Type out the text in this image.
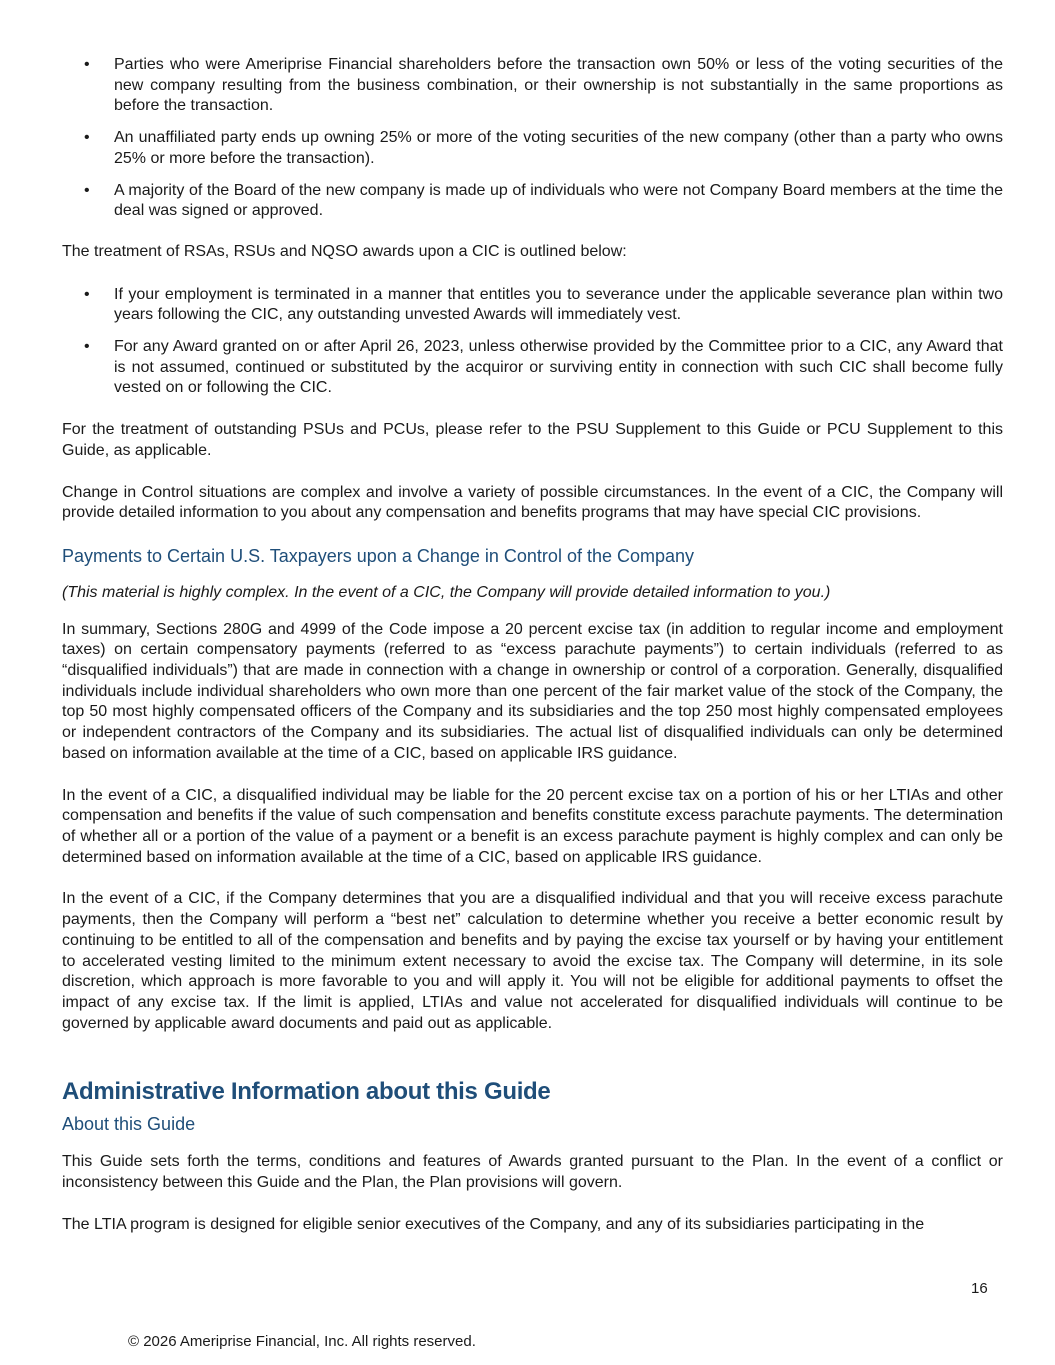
• Parties who were Ameriprise Financial shareholders before the transaction own 50% or less of the voting securities of the new company resulting from the business combination, or their ownership is not substantially in the same proportions as before the transaction.
• An unaffiliated party ends up owning 25% or more of the voting securities of the new company (other than a party who owns 25% or more before the transaction).
• A majority of the Board of the new company is made up of individuals who were not Company Board members at the time the deal was signed or approved.

The treatment of RSAs, RSUs and NQSO awards upon a CIC is outlined below:

• If your employment is terminated in a manner that entitles you to severance under the applicable severance plan within two years following the CIC, any outstanding unvested Awards will immediately vest.
• For any Award granted on or after April 26, 2023, unless otherwise provided by the Committee prior to a CIC, any Award that is not assumed, continued or substituted by the acquiror or surviving entity in connection with such CIC shall become fully vested on or following the CIC.

For the treatment of outstanding PSUs and PCUs, please refer to the PSU Supplement to this Guide or PCU Supplement to this Guide, as applicable.

Change in Control situations are complex and involve a variety of possible circumstances. In the event of a CIC, the Company will provide detailed information to you about any compensation and benefits programs that may have special CIC provisions.

Payments to Certain U.S. Taxpayers upon a Change in Control of the Company

(This material is highly complex. In the event of a CIC, the Company will provide detailed information to you.)

In summary, Sections 280G and 4999 of the Code impose a 20 percent excise tax (in addition to regular income and employment taxes) on certain compensatory payments (referred to as “excess parachute payments”) to certain individuals (referred to as “disqualified individuals”) that are made in connection with a change in ownership or control of a corporation. Generally, disqualified individuals include individual shareholders who own more than one percent of the fair market value of the stock of the Company, the top 50 most highly compensated officers of the Company and its subsidiaries and the top 250 most highly compensated employees or independent contractors of the Company and its subsidiaries. The actual list of disqualified individuals can only be determined based on information available at the time of a CIC, based on applicable IRS guidance.

In the event of a CIC, a disqualified individual may be liable for the 20 percent excise tax on a portion of his or her LTIAs and other compensation and benefits if the value of such compensation and benefits constitute excess parachute payments. The determination of whether all or a portion of the value of a payment or a benefit is an excess parachute payment is highly complex and can only be determined based on information available at the time of a CIC, based on applicable IRS guidance.

In the event of a CIC, if the Company determines that you are a disqualified individual and that you will receive excess parachute payments, then the Company will perform a “best net” calculation to determine whether you receive a better economic result by continuing to be entitled to all of the compensation and benefits and by paying the excise tax yourself or by having your entitlement to accelerated vesting limited to the minimum extent necessary to avoid the excise tax. The Company will determine, in its sole discretion, which approach is more favorable to you and will apply it. You will not be eligible for additional payments to offset the impact of any excise tax. If the limit is applied, LTIAs and value not accelerated for disqualified individuals will continue to be governed by applicable award documents and paid out as applicable.

Administrative Information about this Guide
About this Guide

This Guide sets forth the terms, conditions and features of Awards granted pursuant to the Plan. In the event of a conflict or inconsistency between this Guide and the Plan, the Plan provisions will govern.

The LTIA program is designed for eligible senior executives of the Company, and any of its subsidiaries participating in the

16
© 2026 Ameriprise Financial, Inc. All rights reserved.
